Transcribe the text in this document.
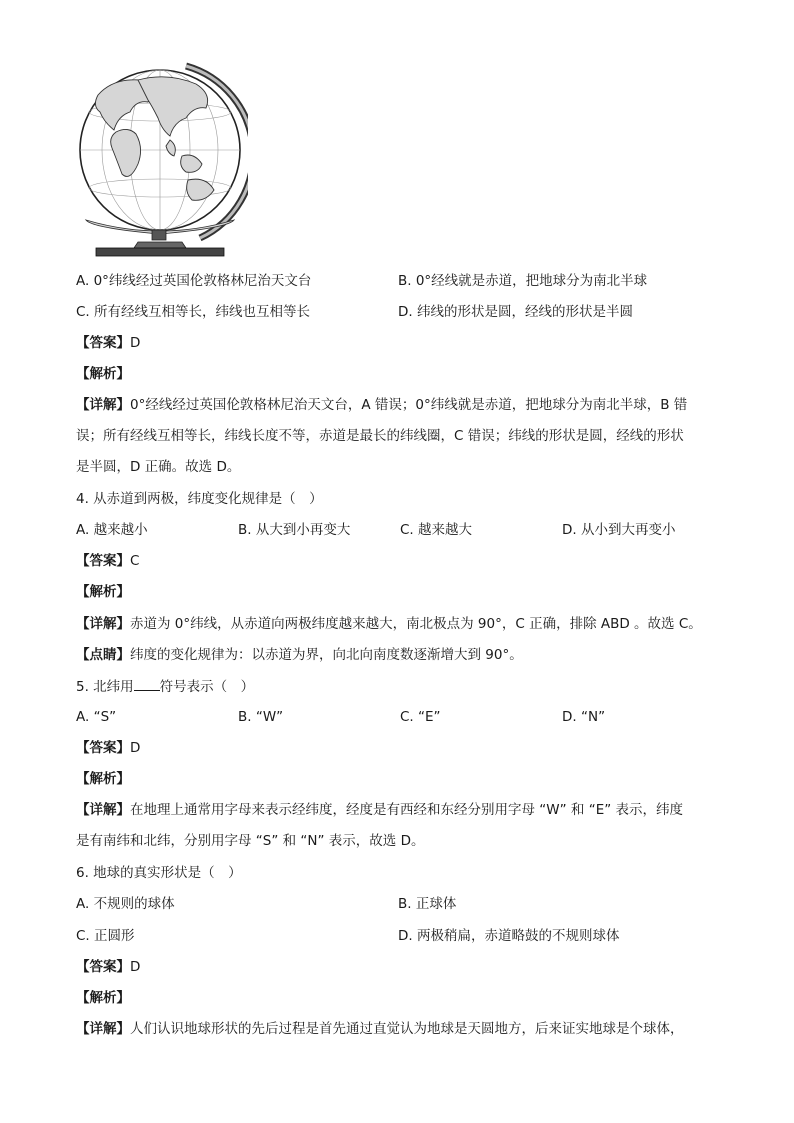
A. 0°纬线经过英国伦敦格林尼治天文台	B. 0°经线就是赤道，把地球分为南北半球
C. 所有经线互相等长，纬线也互相等长	D. 纬线的形状是圆，经线的形状是半圆
【答案】D
【解析】
【详解】0°经线经过英国伦敦格林尼治天文台，A 错误；0°纬线就是赤道，把地球分为南北半球，B 错
误；所有经线互相等长，纬线长度不等，赤道是最长的纬线圈，C 错误；纬线的形状是圆，经线的形状
是半圆，D 正确。故选 D。
4. 从赤道到两极，纬度变化规律是（　）
A. 越来越小	B. 从大到小再变大	C. 越来越大	D. 从小到大再变小
【答案】C
【解析】
【详解】赤道为 0°纬线，从赤道向两极纬度越来越大，南北极点为 90°，C 正确，排除 ABD 。故选 C。
【点睛】纬度的变化规律为：以赤道为界，向北向南度数逐渐增大到 90°。
5. 北纬用 符号表示（　）
A. “S”	B. “W”	C. “E”	D. “N”
【答案】D
【解析】
【详解】在地理上通常用字母来表示经纬度，经度是有西经和东经分别用字母 “W” 和 “E” 表示，纬度
是有南纬和北纬，分别用字母 “S” 和 “N” 表示，故选 D。
6. 地球的真实形状是（　）
A. 不规则的球体	B. 正球体
C. 正圆形	D. 两极稍扁，赤道略鼓的不规则球体
【答案】D
【解析】
【详解】人们认识地球形状的先后过程是首先通过直觉认为地球是天圆地方，后来证实地球是个球体，
